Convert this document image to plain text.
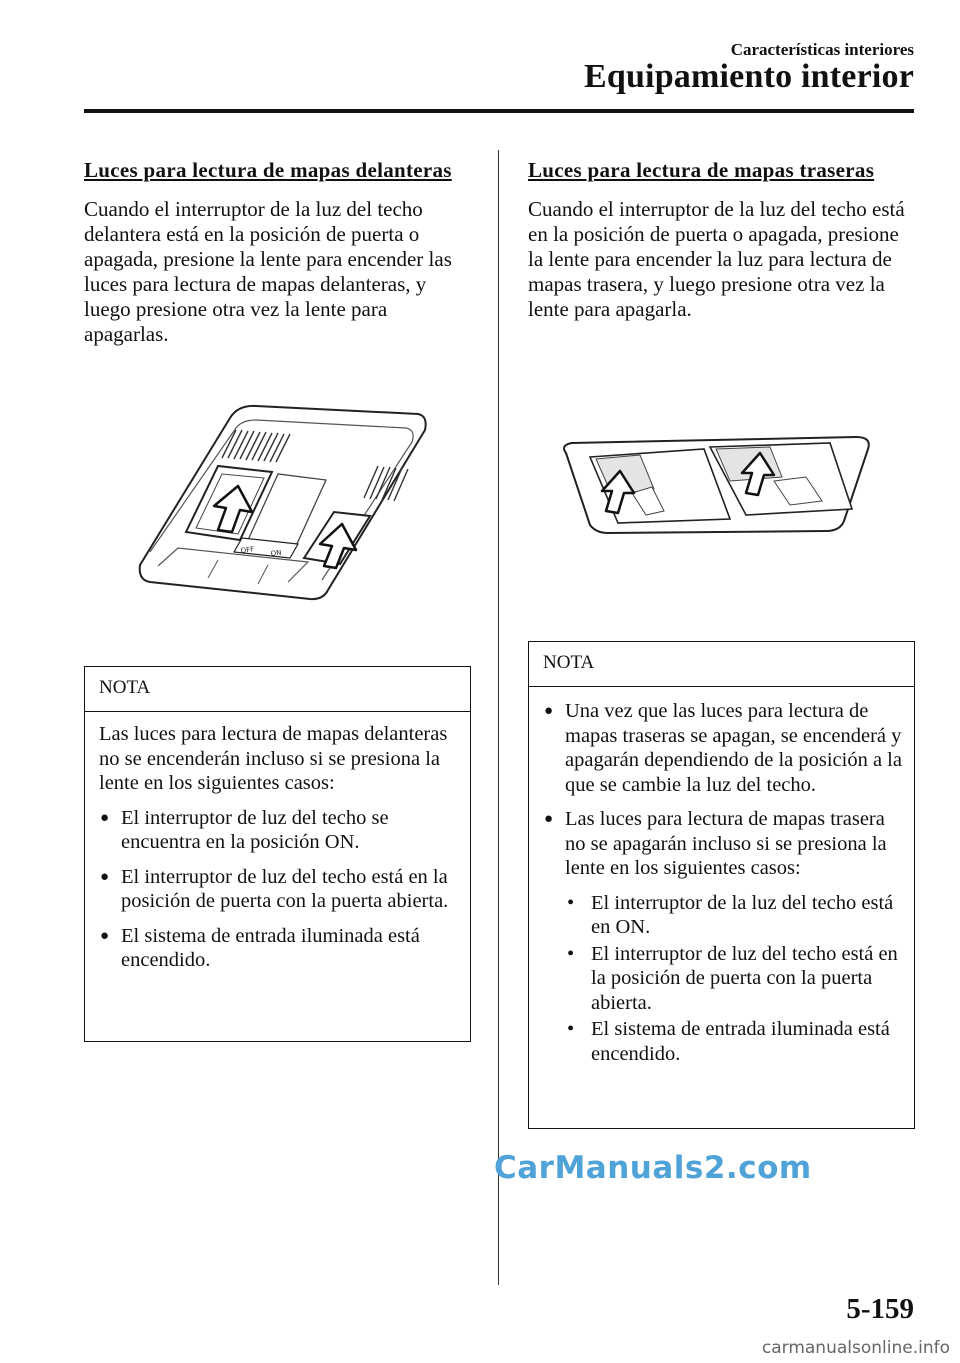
Características interiores
Equipamiento interior
Luces para lectura de mapas delanteras

Cuando el interruptor de la luz del techo delantera está en la posición de puerta o apagada, presione la lente para encender las luces para lectura de mapas delanteras, y luego presione otra vez la lente para apagarlas.

OFF ON
NOTA

Las luces para lectura de mapas delanteras no se encenderán incluso si se presiona la lente en los siguientes casos:

● El interruptor de luz del techo se encuentra en la posición ON.
● El interruptor de luz del techo está en la posición de puerta con la puerta abierta.
● El sistema de entrada iluminada está encendido.
Luces para lectura de mapas traseras

Cuando el interruptor de la luz del techo está en la posición de puerta o apagada, presione la lente para encender la luz para lectura de mapas trasera, y luego presione otra vez la lente para apagarla.

NOTA
● Una vez que las luces para lectura de mapas traseras se apagan, se encenderá y apagarán dependiendo de la posición a la que se cambie la luz del techo.
● Las luces para lectura de mapas trasera no se apagarán incluso si se presiona la lente en los siguientes casos:
• El interruptor de la luz del techo está en ON.
• El interruptor de luz del techo está en la posición de puerta con la puerta abierta.
• El sistema de entrada iluminada está encendido.
CarManuals2.com
5-159
carmanualsonline.info
